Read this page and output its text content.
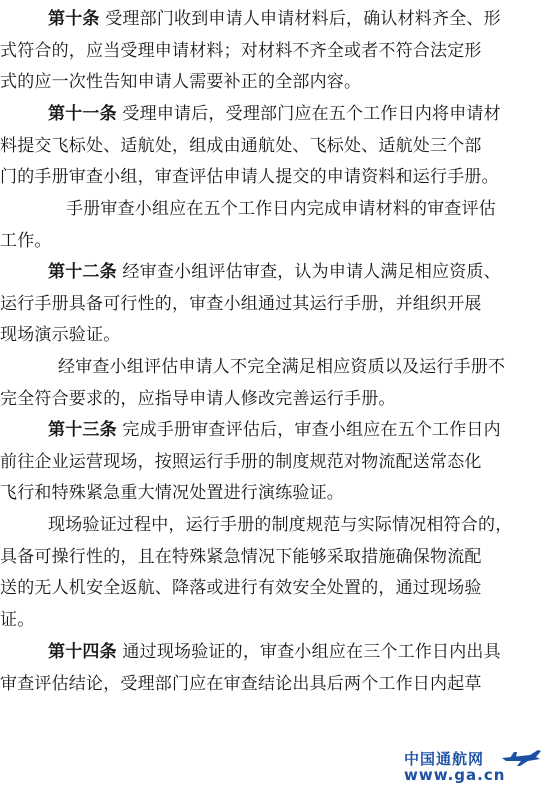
第十条 受理部门收到申请人申请材料后，确认材料齐全、形
式符合的，应当受理申请材料；对材料不齐全或者不符合法定形
式的应一次性告知申请人需要补正的全部内容。
第十一条 受理申请后，受理部门应在五个工作日内将申请材
料提交飞标处、适航处，组成由通航处、飞标处、适航处三个部
门的手册审查小组，审查评估申请人提交的申请资料和运行手册。
手册审查小组应在五个工作日内完成申请材料的审查评估
工作。
第十二条 经审查小组评估审查，认为申请人满足相应资质、
运行手册具备可行性的，审查小组通过其运行手册，并组织开展
现场演示验证。
经审查小组评估申请人不完全满足相应资质以及运行手册不
完全符合要求的，应指导申请人修改完善运行手册。
第十三条 完成手册审查评估后，审查小组应在五个工作日内
前往企业运营现场，按照运行手册的制度规范对物流配送常态化
飞行和特殊紧急重大情况处置进行演练验证。
现场验证过程中，运行手册的制度规范与实际情况相符合的，
具备可操行性的，且在特殊紧急情况下能够采取措施确保物流配
送的无人机安全返航、降落或进行有效安全处置的，通过现场验
证。
第十四条 通过现场验证的，审查小组应在三个工作日内出具
审查评估结论，受理部门应在审查结论出具后两个工作日内起草
中国通航网
www.ga.cn
